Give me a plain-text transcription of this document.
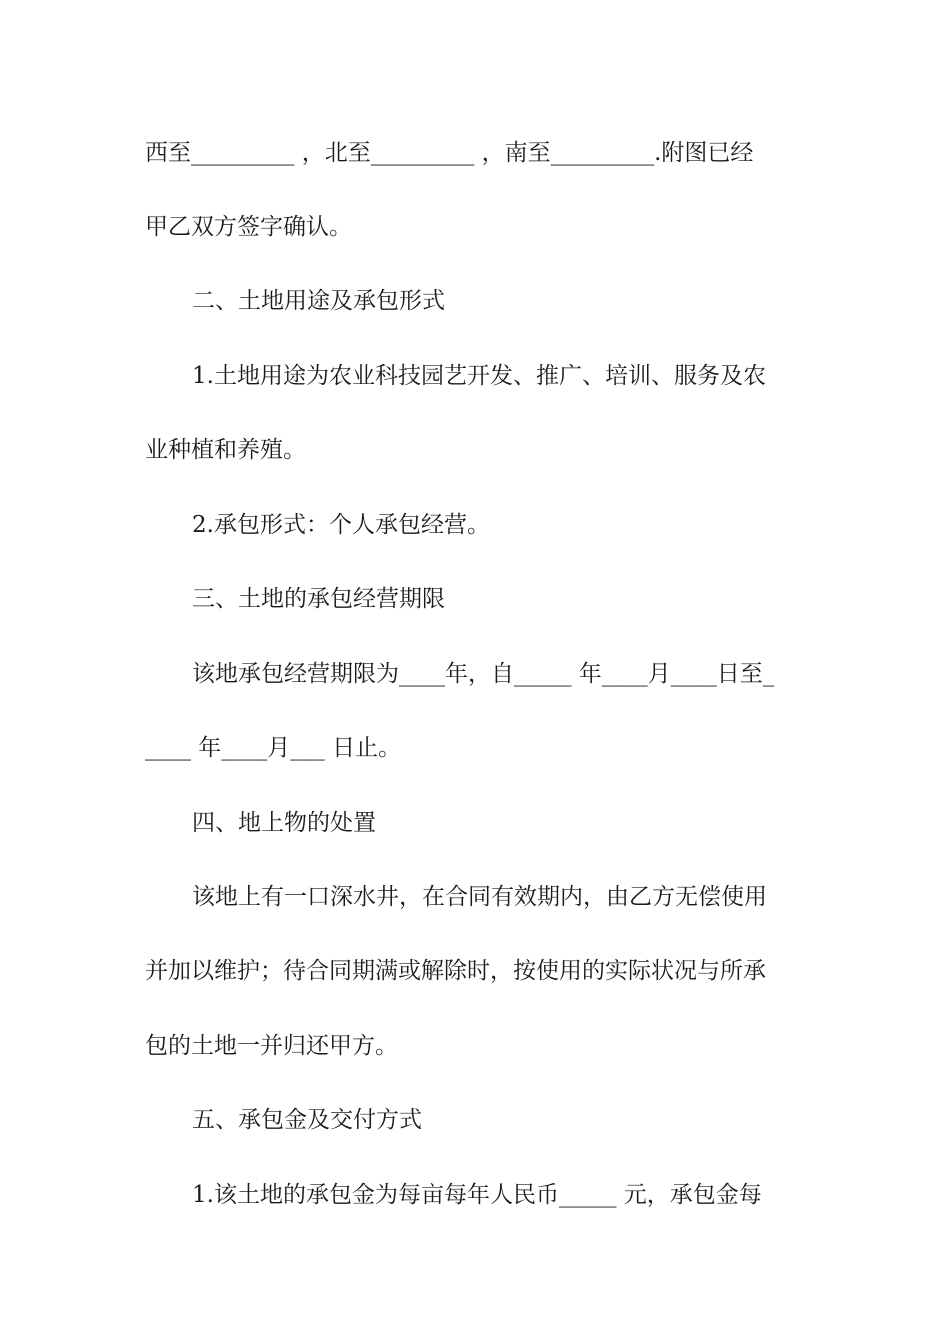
西至_________ ，北至_________ ，南至_________.附图已经
甲乙双方签字确认。
二、土地用途及承包形式
1.土地用途为农业科技园艺开发、推广、培训、服务及农
业种植和养殖。
2.承包形式：个人承包经营。
三、土地的承包经营期限
该地承包经营期限为____年，自_____ 年____月____日至_
____ 年____月___ 日止。
四、地上物的处置
该地上有一口深水井，在合同有效期内，由乙方无偿使用
并加以维护；待合同期满或解除时，按使用的实际状况与所承
包的土地一并归还甲方。
五、承包金及交付方式
1.该土地的承包金为每亩每年人民币_____ 元，承包金每
